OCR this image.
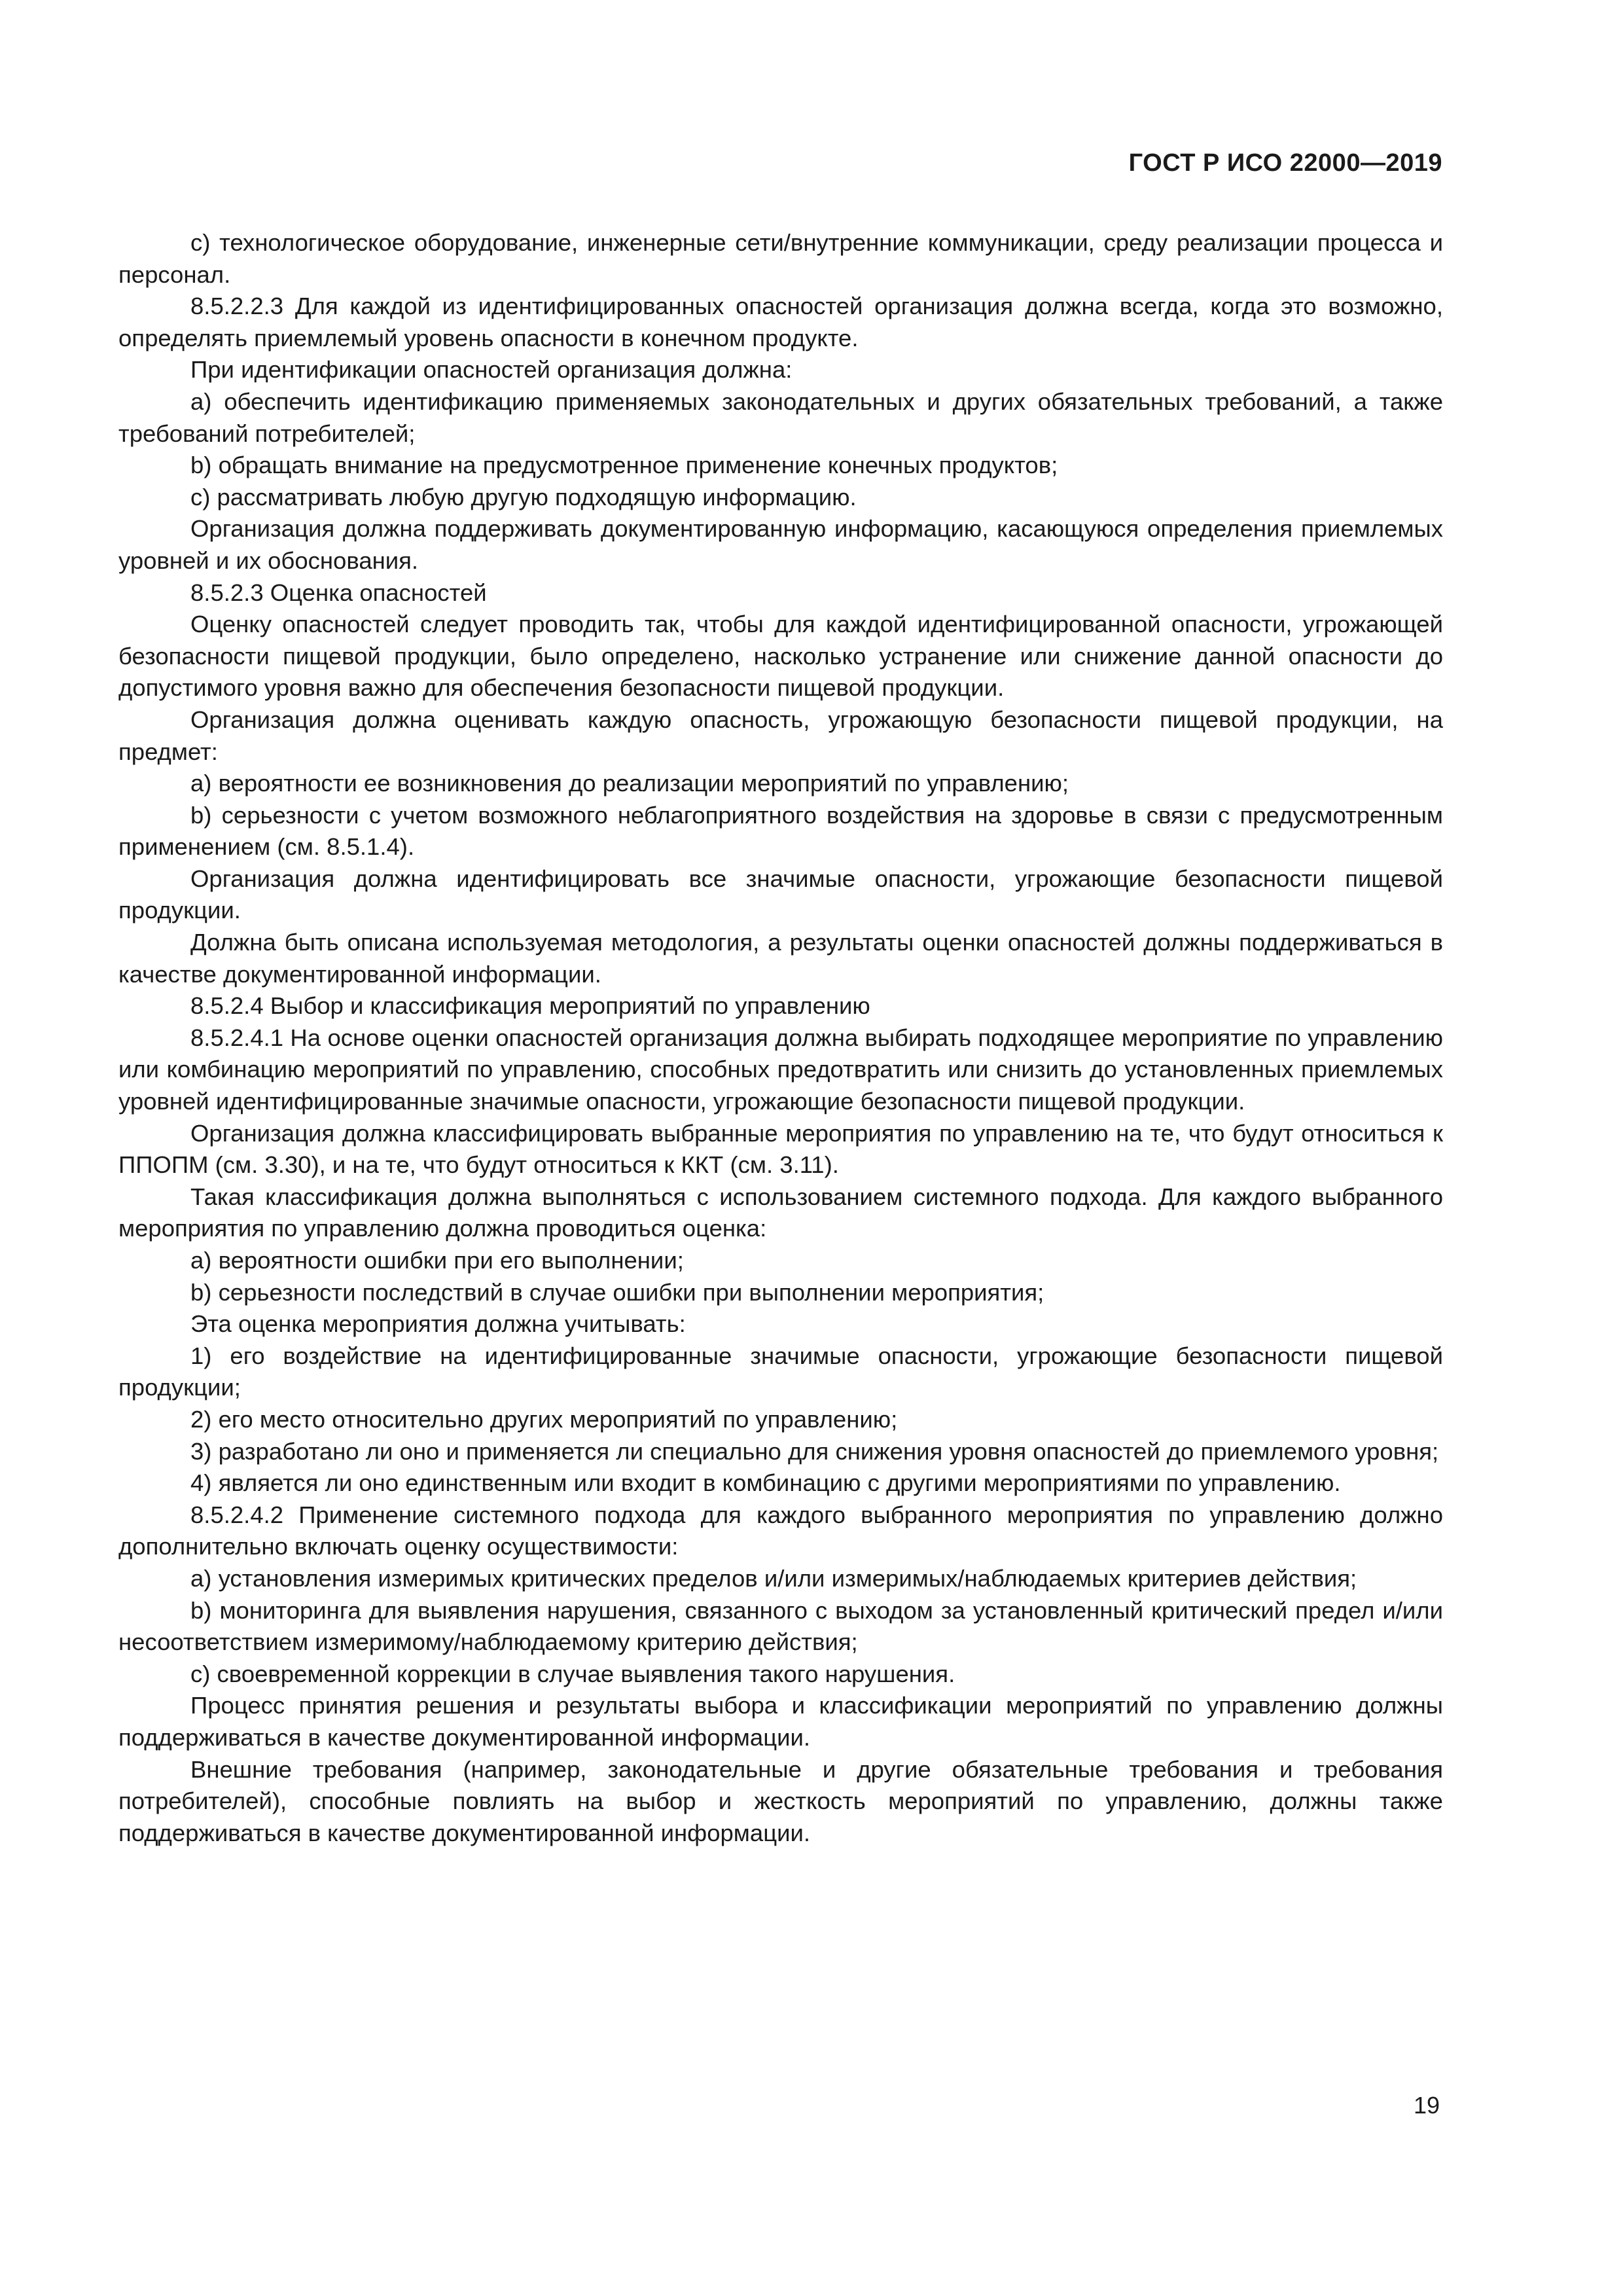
ГОСТ Р ИСО 22000—2019

c) технологическое оборудование, инженерные сети/внутренние коммуникации, среду реализации процесса и персонал.

8.5.2.2.3 Для каждой из идентифицированных опасностей организация должна всегда, когда это возможно, определять приемлемый уровень опасности в конечном продукте.

При идентификации опасностей организация должна:

a) обеспечить идентификацию применяемых законодательных и других обязательных требований, а также требований потребителей;

b) обращать внимание на предусмотренное применение конечных продуктов;

c) рассматривать любую другую подходящую информацию.

Организация должна поддерживать документированную информацию, касающуюся определения приемлемых уровней и их обоснования.

8.5.2.3 Оценка опасностей

Оценку опасностей следует проводить так, чтобы для каждой идентифицированной опасности, угрожающей безопасности пищевой продукции, было определено, насколько устранение или снижение данной опасности до допустимого уровня важно для обеспечения безопасности пищевой продукции.

Организация должна оценивать каждую опасность, угрожающую безопасности пищевой продукции, на предмет:

a) вероятности ее возникновения до реализации мероприятий по управлению;

b) серьезности с учетом возможного неблагоприятного воздействия на здоровье в связи с предусмотренным применением (см. 8.5.1.4).

Организация должна идентифицировать все значимые опасности, угрожающие безопасности пищевой продукции.

Должна быть описана используемая методология, а результаты оценки опасностей должны поддерживаться в качестве документированной информации.

8.5.2.4 Выбор и классификация мероприятий по управлению

8.5.2.4.1 На основе оценки опасностей организация должна выбирать подходящее мероприятие по управлению или комбинацию мероприятий по управлению, способных предотвратить или снизить до установленных приемлемых уровней идентифицированные значимые опасности, угрожающие безопасности пищевой продукции.

Организация должна классифицировать выбранные мероприятия по управлению на те, что будут относиться к ППОПМ (см. 3.30), и на те, что будут относиться к ККТ (см. 3.11).

Такая классификация должна выполняться с использованием системного подхода. Для каждого выбранного мероприятия по управлению должна проводиться оценка:

a) вероятности ошибки при его выполнении;

b) серьезности последствий в случае ошибки при выполнении мероприятия;

Эта оценка мероприятия должна учитывать:

1) его воздействие на идентифицированные значимые опасности, угрожающие безопасности пищевой продукции;

2) его место относительно других мероприятий по управлению;

3) разработано ли оно и применяется ли специально для снижения уровня опасностей до приемлемого уровня;

4) является ли оно единственным или входит в комбинацию с другими мероприятиями по управлению.

8.5.2.4.2 Применение системного подхода для каждого выбранного мероприятия по управлению должно дополнительно включать оценку осуществимости:

a) установления измеримых критических пределов и/или измеримых/наблюдаемых критериев действия;

b) мониторинга для выявления нарушения, связанного с выходом за установленный критический предел и/или несоответствием измеримому/наблюдаемому критерию действия;

c) своевременной коррекции в случае выявления такого нарушения.

Процесс принятия решения и результаты выбора и классификации мероприятий по управлению должны поддерживаться в качестве документированной информации.

Внешние требования (например, законодательные и другие обязательные требования и требования потребителей), способные повлиять на выбор и жесткость мероприятий по управлению, должны также поддерживаться в качестве документированной информации.

19
